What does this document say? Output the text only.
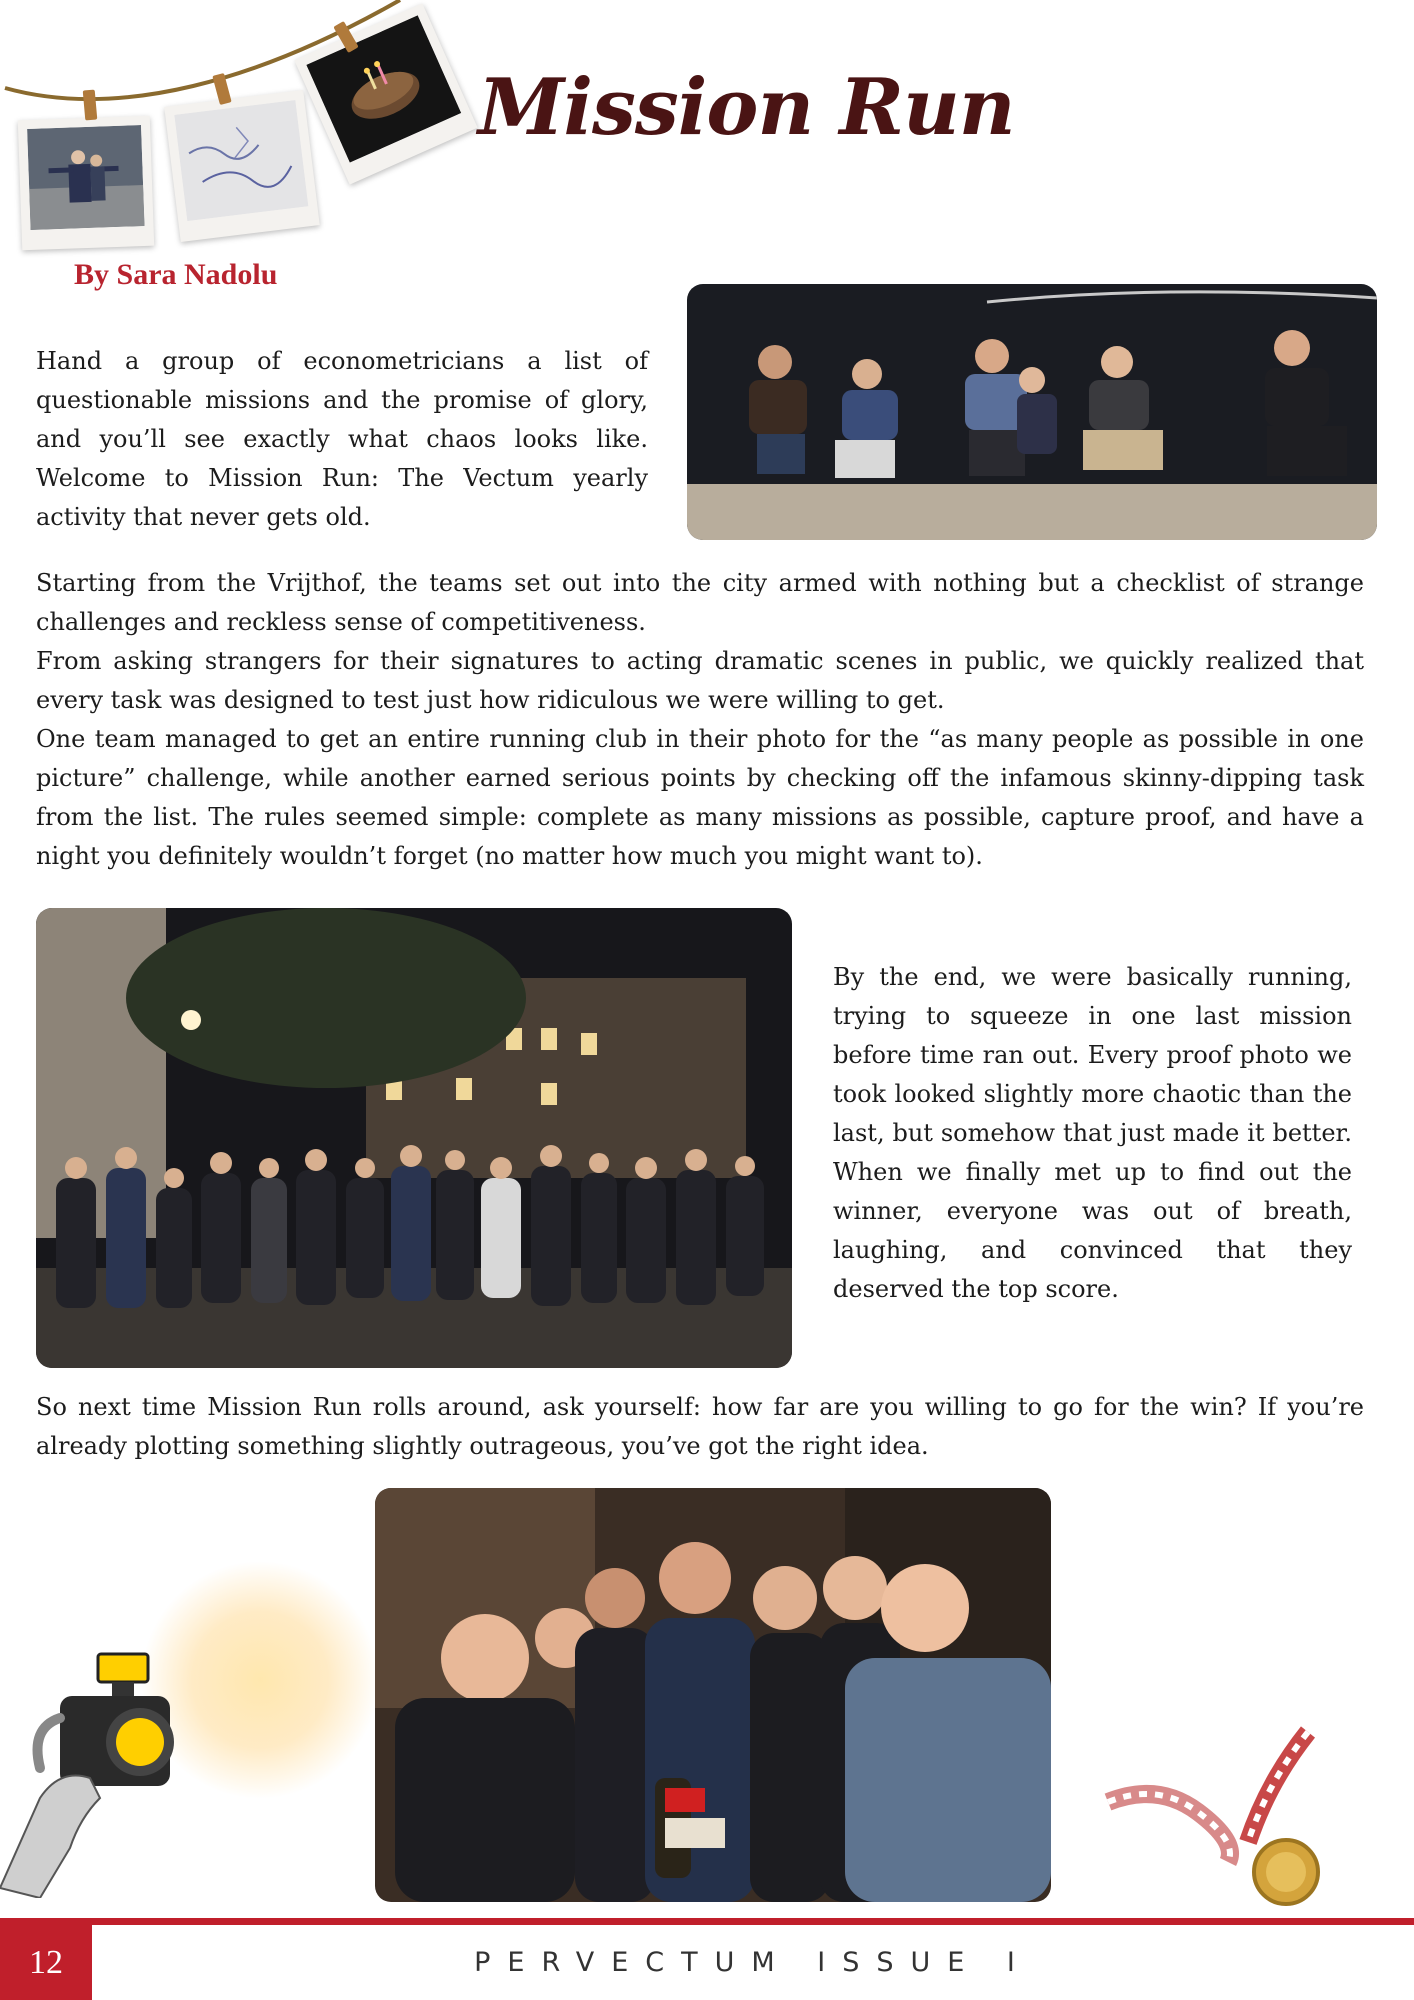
Mission Run
By Sara Nadolu
Hand a group of econometricians a list of questionable missions and the promise of glory, and you’ll see exactly what chaos looks like. Welcome to Mission Run: The Vectum yearly activity that never gets old.
Starting from the Vrijthof, the teams set out into the city armed with nothing but a checklist of strange challenges and reckless sense of competitiveness.
From asking strangers for their signatures to acting dramatic scenes in public, we quickly realized that every task was designed to test just how ridiculous we were willing to get.
One team managed to get an entire running club in their photo for the “as many people as possible in one picture” challenge, while another earned serious points by checking off the infamous skinny-dipping task from the list. The rules seemed simple: complete as many missions as possible, capture proof, and have a night you definitely wouldn’t forget (no matter how much you might want to).
By the end, we were basically running, trying to squeeze in one last mission before time ran out. Every proof photo we took looked slightly more chaotic than the last, but somehow that just made it better. When we finally met up to find out the winner, everyone was out of breath, laughing, and convinced that they deserved the top score.
So next time Mission Run rolls around, ask yourself: how far are you willing to go for the win? If you’re already plotting something slightly outrageous, you’ve got the right idea.
12	PERVECTUM ISSUE I
